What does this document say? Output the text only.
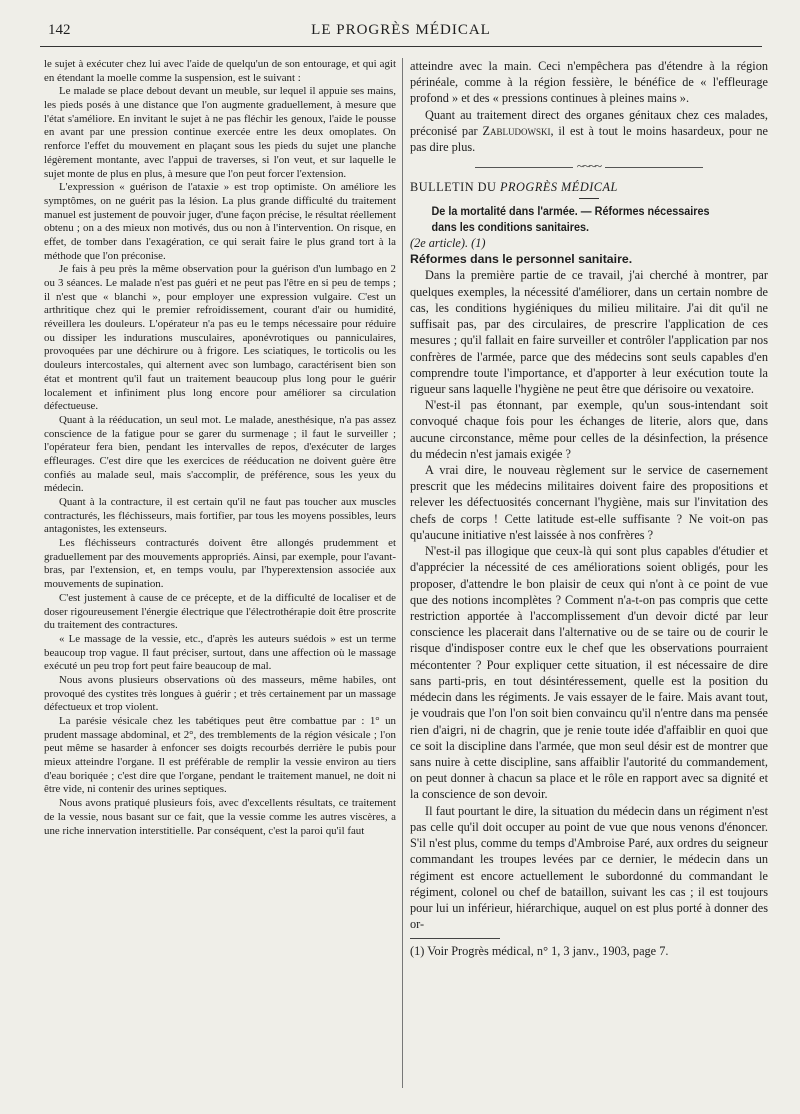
142	LE PROGRÈS MÉDICAL

le sujet à exécuter chez lui avec l'aide de quelqu'un de son entourage, et qui agit en étendant la moelle comme la suspension, est le suivant :

Le malade se place debout devant un meuble, sur lequel il appuie ses mains, les pieds posés à une distance que l'on augmente graduellement, à mesure que l'état s'améliore. En invitant le sujet à ne pas fléchir les genoux, l'aide le pousse en avant par une pression continue exercée entre les deux omoplates. On renforce l'effet du mouvement en plaçant sous les pieds du sujet une planche légèrement montante, avec l'appui de traverses, si l'on veut, et sur laquelle le sujet monte de plus en plus, à mesure que l'on peut forcer l'extension.

L'expression « guérison de l'ataxie » est trop optimiste. On améliore les symptômes, on ne guérit pas la lésion. La plus grande difficulté du traitement manuel est justement de pouvoir juger, d'une façon précise, le résultat réellement obtenu ; on a des mieux non motivés, dus ou non à l'intervention. On risque, en effet, de tomber dans l'exagération, ce qui serait faire le plus grand tort à la méthode que l'on préconise.

Je fais à peu près la même observation pour la guérison d'un lumbago en 2 ou 3 séances. Le malade n'est pas guéri et ne peut pas l'être en si peu de temps ; il n'est que « blanchi », pour employer une expression vulgaire. C'est un arthritique chez qui le premier refroidissement, courant d'air ou humidité, réveillera les douleurs. L'opérateur n'a pas eu le temps nécessaire pour réduire ou dissiper les indurations musculaires, aponévrotiques ou panniculaires, provoquées par une déchirure ou à frigore. Les sciatiques, le torticolis ou les douleurs intercostales, qui alternent avec son lumbago, caractérisent bien son état et montrent qu'il faut un traitement beaucoup plus long pour le guérir localement et infiniment plus long encore pour améliorer sa circulation défectueuse.

Quant à la rééducation, un seul mot. Le malade, anesthésique, n'a pas assez conscience de la fatigue pour se garer du surmenage ; il faut le surveiller ; l'opérateur fera bien, pendant les intervalles de repos, d'exécuter de larges effleurages. C'est dire que les exercices de rééducation ne doivent guère être confiés au malade seul, mais s'accomplir, de préférence, sous les yeux du médecin.

Quant à la contracture, il est certain qu'il ne faut pas toucher aux muscles contracturés, les fléchisseurs, mais fortifier, par tous les moyens possibles, leurs antagonistes, les extenseurs.

Les fléchisseurs contracturés doivent être allongés prudemment et graduellement par des mouvements appropriés. Ainsi, par exemple, pour l'avant-bras, par l'extension, et, en temps voulu, par l'hyperextension associée aux mouvements de supination.

C'est justement à cause de ce précepte, et de la difficulté de localiser et de doser rigoureusement l'énergie électrique que l'électrothérapie doit être proscrite du traitement des contractures.

« Le massage de la vessie, etc., d'après les auteurs suédois » est un terme beaucoup trop vague. Il faut préciser, surtout, dans une affection où le massage exécuté un peu trop fort peut faire beaucoup de mal.

Nous avons plusieurs observations où des masseurs, même habiles, ont provoqué des cystites très longues à guérir ; et très certainement par un massage défectueux et trop violent.

La parésie vésicale chez les tabétiques peut être combattue par : 1° un prudent massage abdominal, et 2°, des tremblements de la région vésicale ; l'on peut même se hasarder à enfoncer ses doigts recourbés derrière le pubis pour mieux atteindre l'organe. Il est préférable de remplir la vessie environ au tiers d'eau boriquée ; c'est dire que l'organe, pendant le traitement manuel, ne doit ni être vide, ni contenir des urines septiques.

Nous avons pratiqué plusieurs fois, avec d'excellents résultats, ce traitement de la vessie, nous basant sur ce fait, que la vessie comme les autres viscères, a une riche innervation interstitielle. Par conséquent, c'est la paroi qu'il faut

atteindre avec la main. Ceci n'empêchera pas d'étendre à la région périnéale, comme à la région fessière, le bénéfice de « l'effleurage profond » et des « pressions continues à pleines mains ».

Quant au traitement direct des organes génitaux chez ces malades, préconisé par Zabludowski, il est à tout le moins hasardeux, pour ne pas dire plus.

~~~~

BULLETIN DU PROGRÈS MÉDICAL

De la mortalité dans l'armée. — Réformes nécessaires

dans les conditions sanitaires.

(2e article). (1)

Réformes dans le personnel sanitaire.

Dans la première partie de ce travail, j'ai cherché à montrer, par quelques exemples, la nécessité d'améliorer, dans un certain nombre de cas, les conditions hygiéniques du milieu militaire. J'ai dit qu'il ne suffisait pas, par des circulaires, de prescrire l'application de ces mesures ; qu'il fallait en faire surveiller et contrôler l'application par nos confrères de l'armée, parce que des médecins sont seuls capables d'en comprendre toute l'importance, et d'apporter à leur exécution toute la rigueur sans laquelle l'hygiène ne peut être que dérisoire ou vexatoire.

N'est-il pas étonnant, par exemple, qu'un sous-intendant soit convoqué chaque fois pour les échanges de literie, alors que, dans aucune circonstance, même pour celles de la désinfection, la présence du médecin n'est jamais exigée ?

A vrai dire, le nouveau règlement sur le service de casernement prescrit que les médecins militaires doivent faire des propositions et relever les défectuosités concernant l'hygiène, mais sur l'invitation des chefs de corps ! Cette latitude est-elle suffisante ? Ne voit-on pas qu'aucune initiative n'est laissée à nos confrères ?

N'est-il pas illogique que ceux-là qui sont plus capables d'étudier et d'apprécier la nécessité de ces améliorations soient obligés, pour les proposer, d'attendre le bon plaisir de ceux qui n'ont à ce point de vue que des notions incomplètes ? Comment n'a-t-on pas compris que cette restriction apportée à l'accomplissement d'un devoir dicté par leur conscience les placerait dans l'alternative ou de se taire ou de courir le risque d'indisposer contre eux le chef que les observations pourraient mécontenter ? Pour expliquer cette situation, il est nécessaire de dire sans parti-pris, en tout désintéressement, quelle est la position du médecin dans les régiments. Je vais essayer de le faire. Mais avant tout, je voudrais que l'on l'on soit bien convaincu qu'il n'entre dans ma pensée rien d'aigri, ni de chagrin, que je renie toute idée d'affaiblir en quoi que ce soit la discipline dans l'armée, que mon seul désir est de montrer que sans nuire à cette discipline, sans affaiblir l'autorité du commandement, on peut donner à chacun sa place et le rôle en rapport avec sa dignité et la conscience de son devoir.

Il faut pourtant le dire, la situation du médecin dans un régiment n'est pas celle qu'il doit occuper au point de vue que nous venons d'énoncer. S'il n'est plus, comme du temps d'Ambroise Paré, aux ordres du seigneur commandant les troupes levées par ce dernier, le médecin dans un régiment est encore actuellement le subordonné du commandant le régiment, colonel ou chef de bataillon, suivant les cas ; il est toujours pour lui un inférieur, hiérarchique, auquel on est plus porté à donner des or-

(1) Voir Progrès médical, n° 1, 3 janv., 1903, page 7.
